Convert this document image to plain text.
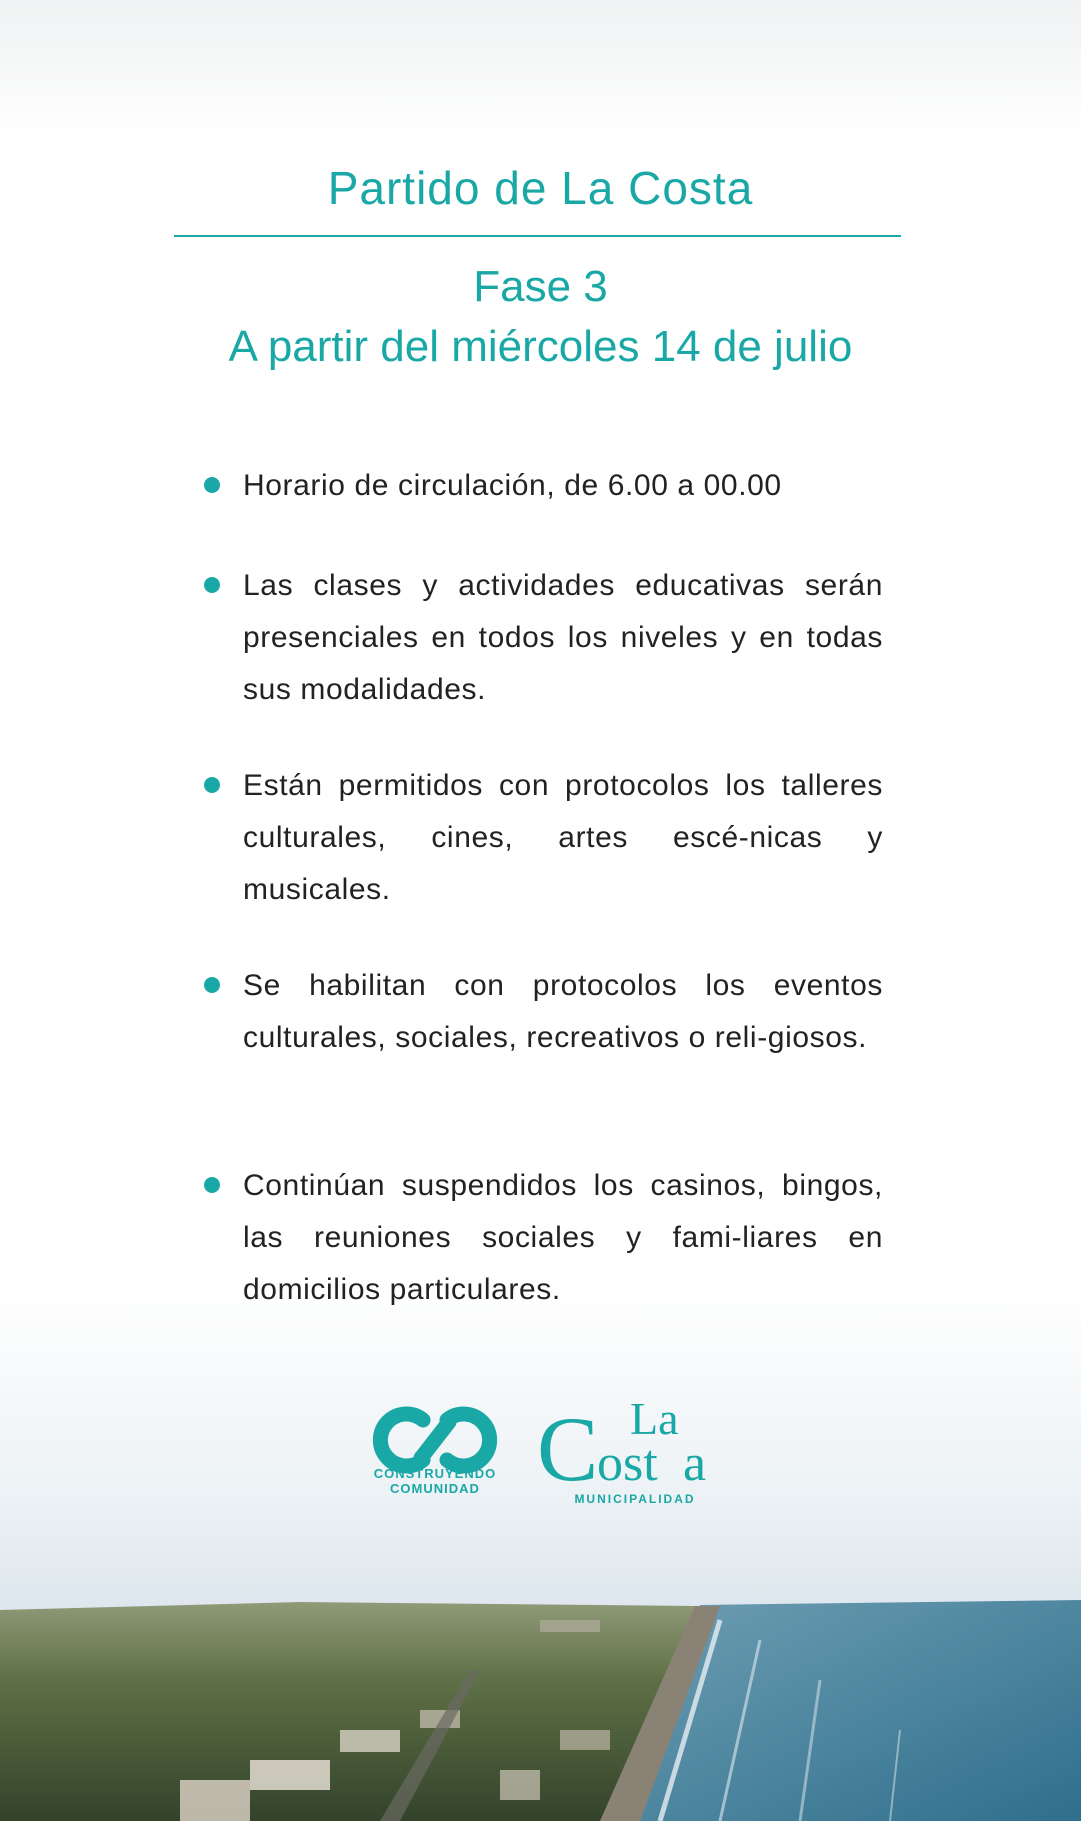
Partido de La Costa
Fase 3
A partir del miércoles 14 de julio
Horario de circulación, de 6.00 a 00.00
Las clases y actividades educativas serán presenciales en todos los niveles y en todas sus modalidades.
Están permitidos con protocolos los talleres culturales, cines, artes escé-nicas y musicales.
Se habilitan con protocolos los eventos culturales, sociales, recreativos o reli-giosos.
Continúan suspendidos los casinos, bingos, las reuniones sociales y fami-liares en domicilios particulares.
CONSTRUYENDO
COMUNIDAD C
ost a
La
MUNICIPALIDAD
